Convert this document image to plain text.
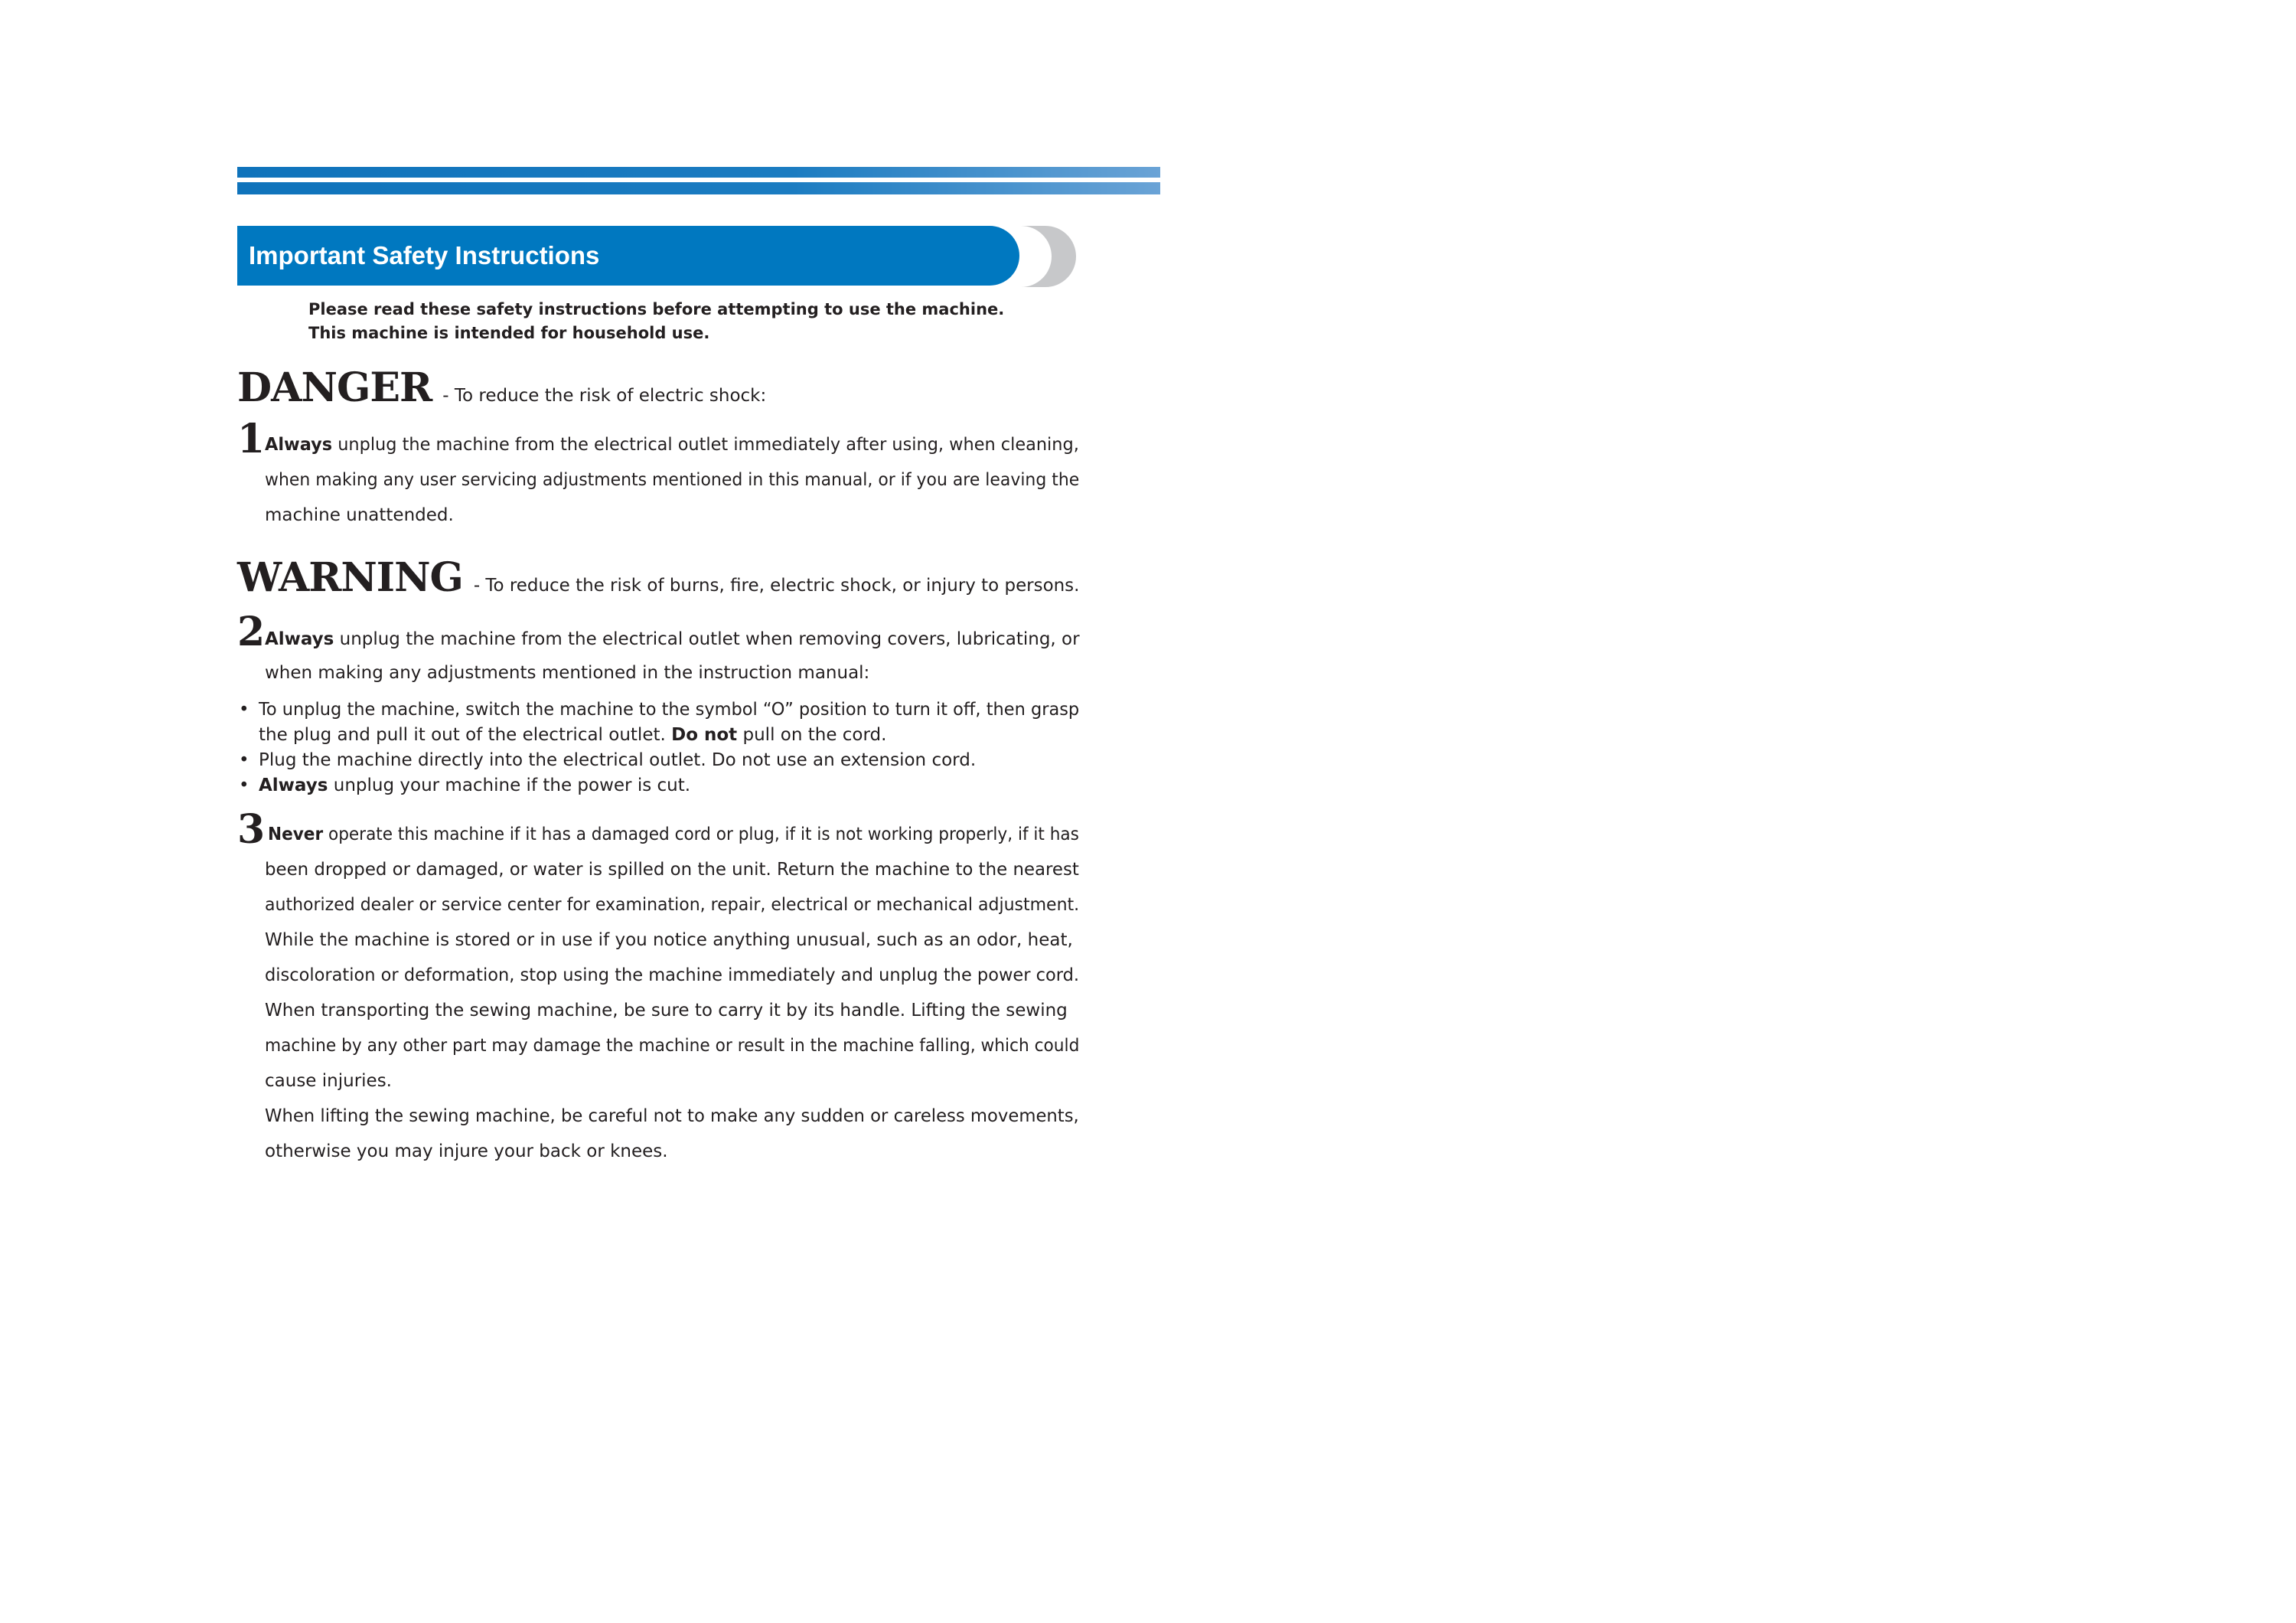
Important Safety Instructions
Please read these safety instructions before attempting to use the machine.
This machine is intended for household use.
DANGER - To reduce the risk of electric shock:
1 Always unplug the machine from the electrical outlet immediately after using, when cleaning,
when making any user servicing adjustments mentioned in this manual, or if you are leaving the
machine unattended.
WARNING - To reduce the risk of burns, fire, electric shock, or injury to persons.
2 Always unplug the machine from the electrical outlet when removing covers, lubricating, or
when making any adjustments mentioned in the instruction manual:
• To unplug the machine, switch the machine to the symbol “O” position to turn it off, then grasp
the plug and pull it out of the electrical outlet. Do not pull on the cord.
• Plug the machine directly into the electrical outlet. Do not use an extension cord.
• Always unplug your machine if the power is cut.
3 Never operate this machine if it has a damaged cord or plug, if it is not working properly, if it has
been dropped or damaged, or water is spilled on the unit. Return the machine to the nearest
authorized dealer or service center for examination, repair, electrical or mechanical adjustment.
While the machine is stored or in use if you notice anything unusual, such as an odor, heat,
discoloration or deformation, stop using the machine immediately and unplug the power cord.
When transporting the sewing machine, be sure to carry it by its handle. Lifting the sewing
machine by any other part may damage the machine or result in the machine falling, which could
cause injuries.
When lifting the sewing machine, be careful not to make any sudden or careless movements,
otherwise you may injure your back or knees.
